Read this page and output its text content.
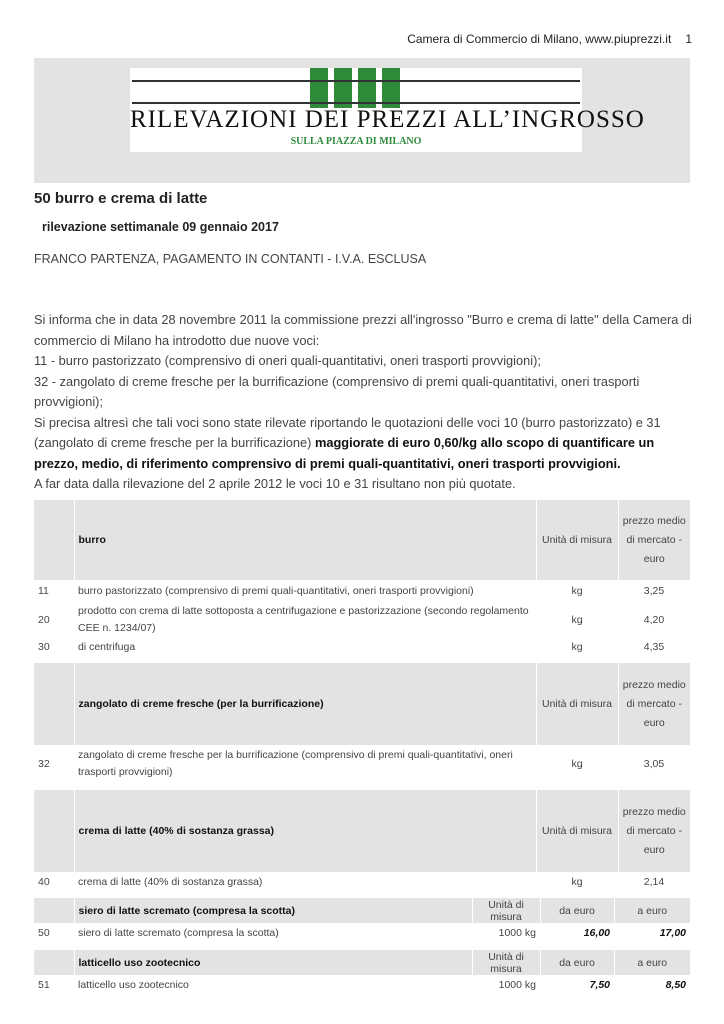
Camera di Commercio di Milano, www.piuprezzi.it 1
RILEVAZIONI DEI PREZZI ALL’INGROSSO
SULLA PIAZZA DI MILANO
50 burro e crema di latte
rilevazione settimanale 09 gennaio 2017
FRANCO PARTENZA, PAGAMENTO IN CONTANTI - I.V.A. ESCLUSA

Si informa che in data 28 novembre 2011 la commissione prezzi all'ingrosso "Burro e crema di latte" della Camera di commercio di Milano ha introdotto due nuove voci:

11 - burro pastorizzato (comprensivo di oneri quali-quantitativi, oneri trasporti provvigioni);

32 - zangolato di creme fresche per la burrificazione (comprensivo di premi quali-quantitativi, oneri trasporti provvigioni);

Si precisa altresì che tali voci sono state rilevate riportando le quotazioni delle voci 10 (burro pastorizzato) e 31 (zangolato di creme fresche per la burrificazione) maggiorate di euro 0,60/kg allo scopo di quantificare un prezzo, medio, di riferimento comprensivo di premi quali-quantitativi, oneri trasporti provvigioni.

A far data dalla rilevazione del 2 aprile 2012 le voci 10 e 31 risultano non più quotate.

	burro	Unità di misura	prezzo medio di mercato - euro
11	burro pastorizzato (comprensivo di premi quali-quantitativi, oneri trasporti provvigioni)	kg	3,25
20	prodotto con crema di latte sottoposta a centrifugazione e pastorizzazione (secondo regolamento CEE n. 1234/07)	kg	4,20
30	di centrifuga	kg	4,35
	zangolato di creme fresche (per la burrificazione)	Unità di misura	prezzo medio di mercato - euro
32	zangolato di creme fresche per la burrificazione (comprensivo di premi quali-quantitativi, oneri trasporti provvigioni)	kg	3,05
	crema di latte (40% di sostanza grassa)	Unità di misura	prezzo medio di mercato - euro
40	crema di latte (40% di sostanza grassa)	kg	2,14
	siero di latte scremato (compresa la scotta)	Unità di misura	da euro	a euro
50	siero di latte scremato (compresa la scotta)	1000 kg	16,00	17,00
	latticello uso zootecnico	Unità di misura	da euro	a euro
51	latticello uso zootecnico	1000 kg	7,50	8,50
